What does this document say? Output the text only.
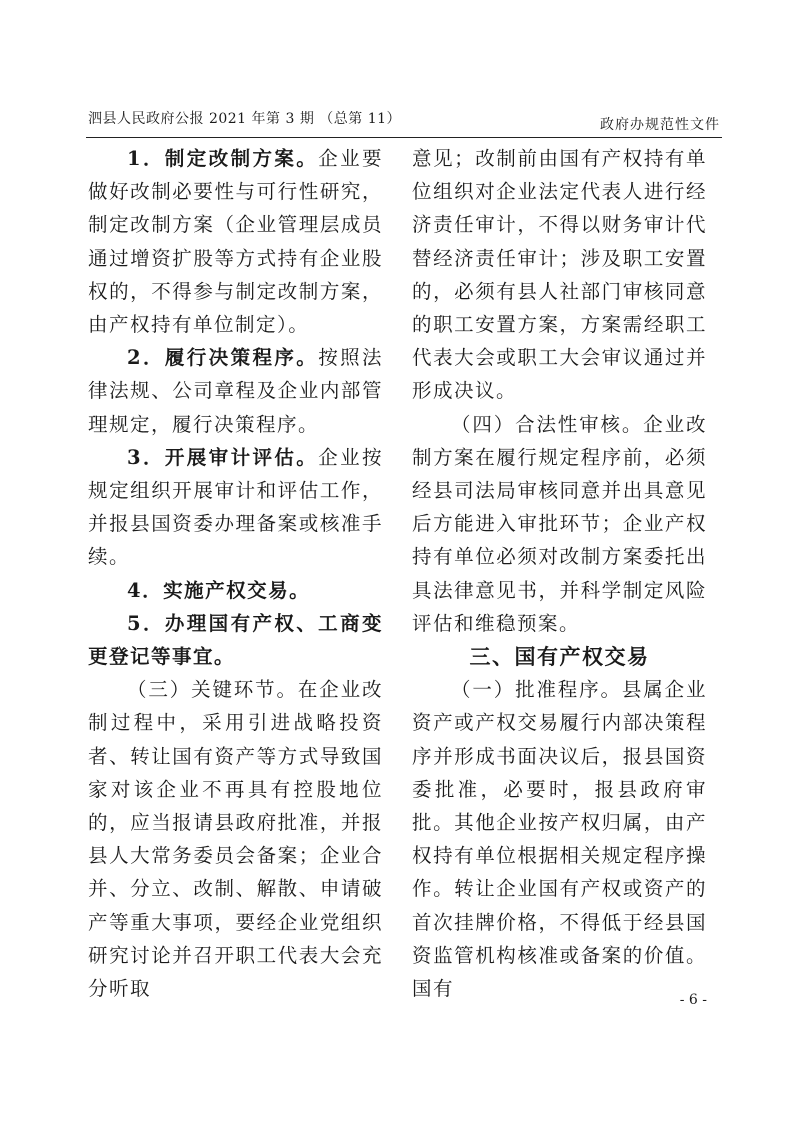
泗县人民政府公报 2021 年第 3 期 （总第 11）	政府办规范性文件

1．制定改制方案。企业要做好改制必要性与可行性研究，制定改制方案（企业管理层成员通过增资扩股等方式持有企业股权的，不得参与制定改制方案，由产权持有单位制定）。

2．履行决策程序。按照法律法规、公司章程及企业内部管理规定，履行决策程序。

3．开展审计评估。企业按规定组织开展审计和评估工作，并报县国资委办理备案或核准手续。

4．实施产权交易。

5．办理国有产权、工商变更登记等事宜。

（三）关键环节。在企业改制过程中，采用引进战略投资者、转让国有资产等方式导致国家对该企业不再具有控股地位的，应当报请县政府批准，并报县人大常务委员会备案；企业合并、分立、改制、解散、申请破产等重大事项，要经企业党组织研究讨论并召开职工代表大会充分听取

意见；改制前由国有产权持有单位组织对企业法定代表人进行经济责任审计，不得以财务审计代替经济责任审计；涉及职工安置的，必须有县人社部门审核同意的职工安置方案，方案需经职工代表大会或职工大会审议通过并形成决议。

（四）合法性审核。企业改制方案在履行规定程序前，必须经县司法局审核同意并出具意见后方能进入审批环节；企业产权持有单位必须对改制方案委托出具法律意见书，并科学制定风险评估和维稳预案。

三、国有产权交易

（一）批准程序。县属企业资产或产权交易履行内部决策程序并形成书面决议后，报县国资委批准，必要时，报县政府审批。其他企业按产权归属，由产权持有单位根据相关规定程序操作。转让企业国有产权或资产的首次挂牌价格，不得低于经县国资监管机构核准或备案的价值。国有	- 6 -
